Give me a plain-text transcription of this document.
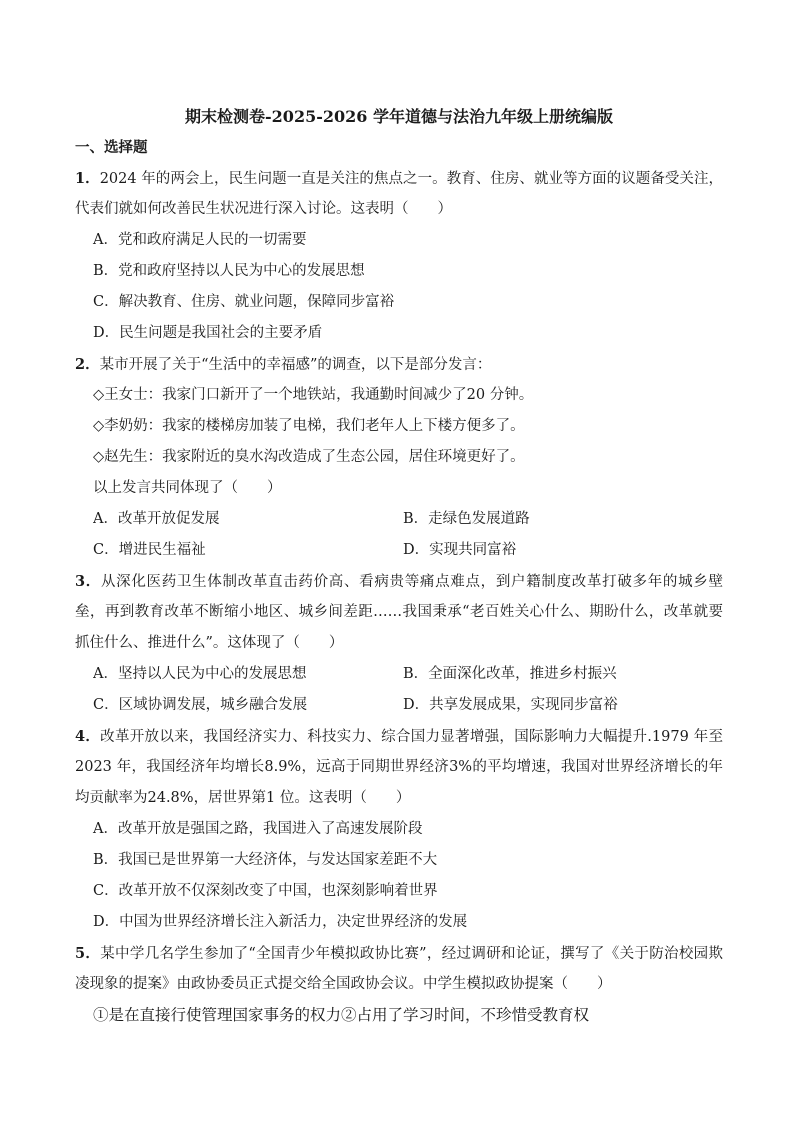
期末检测卷-2025-2026 学年道德与法治九年级上册统编版
一、选择题
1．2024 年的两会上，民生问题一直是关注的焦点之一。教育、住房、就业等方面的议题备受关注，
代表们就如何改善民生状况进行深入讨论。这表明（　　）
A．党和政府满足人民的一切需要
B．党和政府坚持以人民为中心的发展思想
C．解决教育、住房、就业问题，保障同步富裕
D．民生问题是我国社会的主要矛盾
2．某市开展了关于“生活中的幸福感”的调查，以下是部分发言：
◇王女士：我家门口新开了一个地铁站，我通勤时间减少了20 分钟。
◇李奶奶：我家的楼梯房加装了电梯，我们老年人上下楼方便多了。
◇赵先生：我家附近的臭水沟改造成了生态公园，居住环境更好了。
以上发言共同体现了（　　）
A．改革开放促发展	B．走绿色发展道路
C．增进民生福祉	D．实现共同富裕
3．从深化医药卫生体制改革直击药价高、看病贵等痛点难点，到户籍制度改革打破多年的城乡壁
垒，再到教育改革不断缩小地区、城乡间差距……我国秉承“老百姓关心什么、期盼什么，改革就要
抓住什么、推进什么”。这体现了（　　）
A．坚持以人民为中心的发展思想	B．全面深化改革，推进乡村振兴
C．区域协调发展，城乡融合发展	D．共享发展成果，实现同步富裕
4．改革开放以来，我国经济实力、科技实力、综合国力显著增强，国际影响力大幅提升.1979 年至
2023 年，我国经济年均增长8.9%，远高于同期世界经济3%的平均增速，我国对世界经济增长的年
均贡献率为24.8%，居世界第1 位。这表明（　　）
A．改革开放是强国之路，我国进入了高速发展阶段
B．我国已是世界第一大经济体，与发达国家差距不大
C．改革开放不仅深刻改变了中国，也深刻影响着世界
D．中国为世界经济增长注入新活力，决定世界经济的发展
5．某中学几名学生参加了“全国青少年模拟政协比赛”，经过调研和论证，撰写了《关于防治校园欺
凌现象的提案》由政协委员正式提交给全国政协会议。中学生模拟政协提案（　　）
①是在直接行使管理国家事务的权力②占用了学习时间，不珍惜受教育权
